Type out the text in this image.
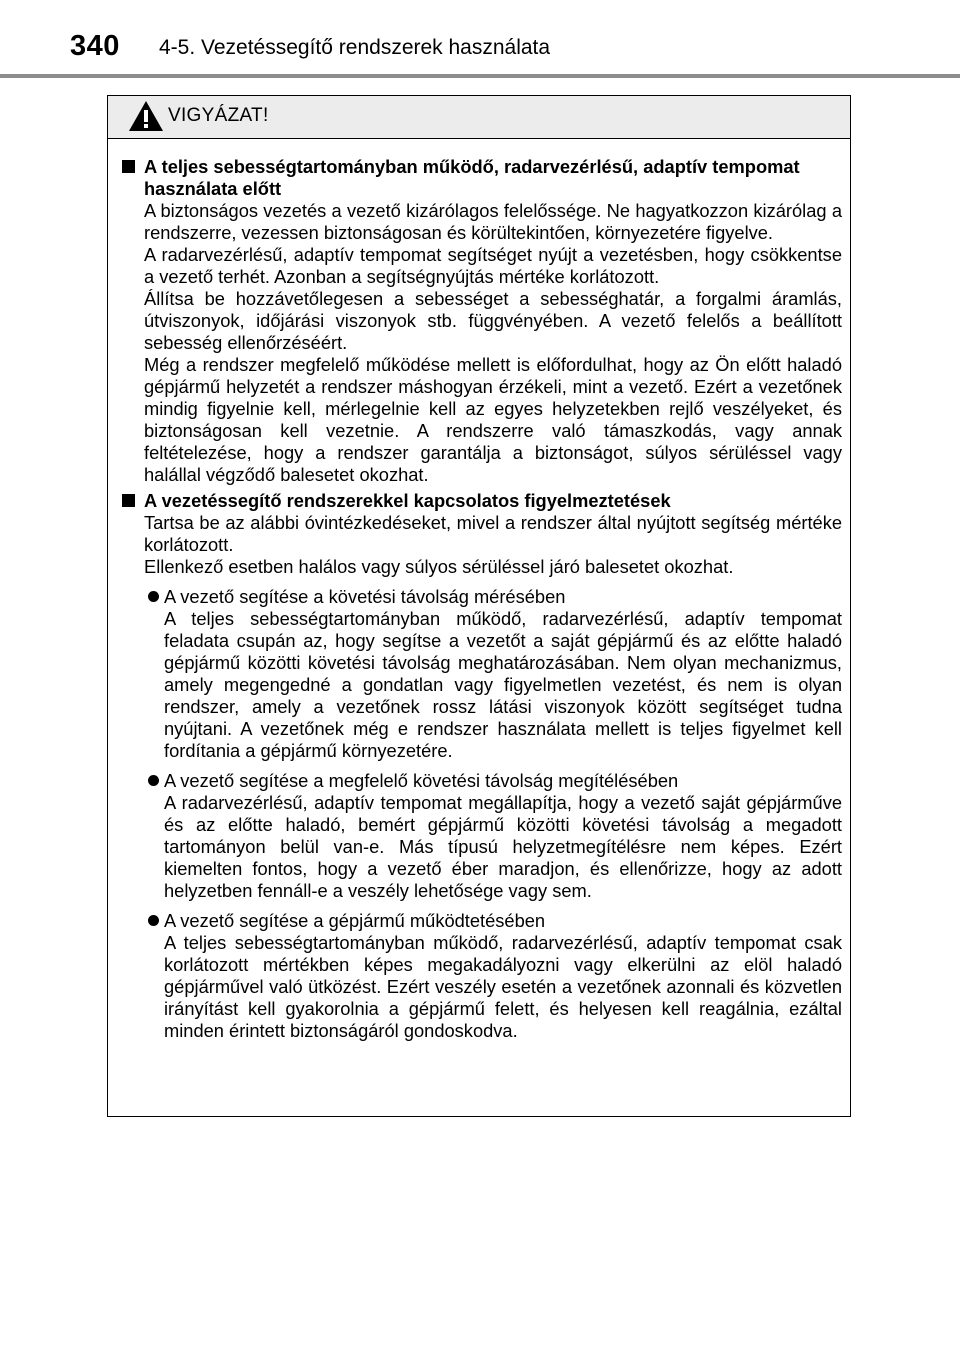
340 4-5. Vezetéssegítő rendszerek használata
VIGYÁZAT!
A teljes sebességtartományban működő, radarvezérlésű, adaptív tempomat használata előtt
A biztonságos vezetés a vezető kizárólagos felelőssége. Ne hagyatkozzon kizárólag a rendszerre, vezessen biztonságosan és körültekintően, környezetére figyelve.
A radarvezérlésű, adaptív tempomat segítséget nyújt a vezetésben, hogy csökkentse a vezető terhét. Azonban a segítségnyújtás mértéke korlátozott.
Állítsa be hozzávetőlegesen a sebességet a sebességhatár, a forgalmi áramlás, útviszonyok, időjárási viszonyok stb. függvényében. A vezető felelős a beállított sebesség ellenőrzéséért.
Még a rendszer megfelelő működése mellett is előfordulhat, hogy az Ön előtt haladó gépjármű helyzetét a rendszer máshogyan érzékeli, mint a vezető. Ezért a vezetőnek mindig figyelnie kell, mérlegelnie kell az egyes helyzetekben rejlő veszélyeket, és biztonságosan kell vezetnie. A rendszerre való támaszkodás, vagy annak feltételezése, hogy a rendszer garantálja a biztonságot, súlyos sérüléssel vagy halállal végződő balesetet okozhat.
A vezetéssegítő rendszerekkel kapcsolatos figyelmeztetések
Tartsa be az alábbi óvintézkedéseket, mivel a rendszer által nyújtott segítség mértéke korlátozott.
Ellenkező esetben halálos vagy súlyos sérüléssel járó balesetet okozhat.
A vezető segítése a követési távolság mérésében
A teljes sebességtartományban működő, radarvezérlésű, adaptív tempomat feladata csupán az, hogy segítse a vezetőt a saját gépjármű és az előtte haladó gépjármű közötti követési távolság meghatározásában. Nem olyan mechanizmus, amely megengedné a gondatlan vagy figyelmetlen vezetést, és nem is olyan rendszer, amely a vezetőnek rossz látási viszonyok között segítséget tudna nyújtani. A vezetőnek még e rendszer használata mellett is teljes figyelmet kell fordítania a gépjármű környezetére.
A vezető segítése a megfelelő követési távolság megítélésében
A radarvezérlésű, adaptív tempomat megállapítja, hogy a vezető saját gépjárműve és az előtte haladó, bemért gépjármű közötti követési távolság a megadott tartományon belül van-e. Más típusú helyzetmegítélésre nem képes. Ezért kiemelten fontos, hogy a vezető éber maradjon, és ellenőrizze, hogy az adott helyzetben fennáll-e a veszély lehetősége vagy sem.
A vezető segítése a gépjármű működtetésében
A teljes sebességtartományban működő, radarvezérlésű, adaptív tempomat csak korlátozott mértékben képes megakadályozni vagy elkerülni az elöl haladó gépjárművel való ütközést. Ezért veszély esetén a vezetőnek azonnali és közvetlen irányítást kell gyakorolnia a gépjármű felett, és helyesen kell reagálnia, ezáltal minden érintett biztonságáról gondoskodva.
